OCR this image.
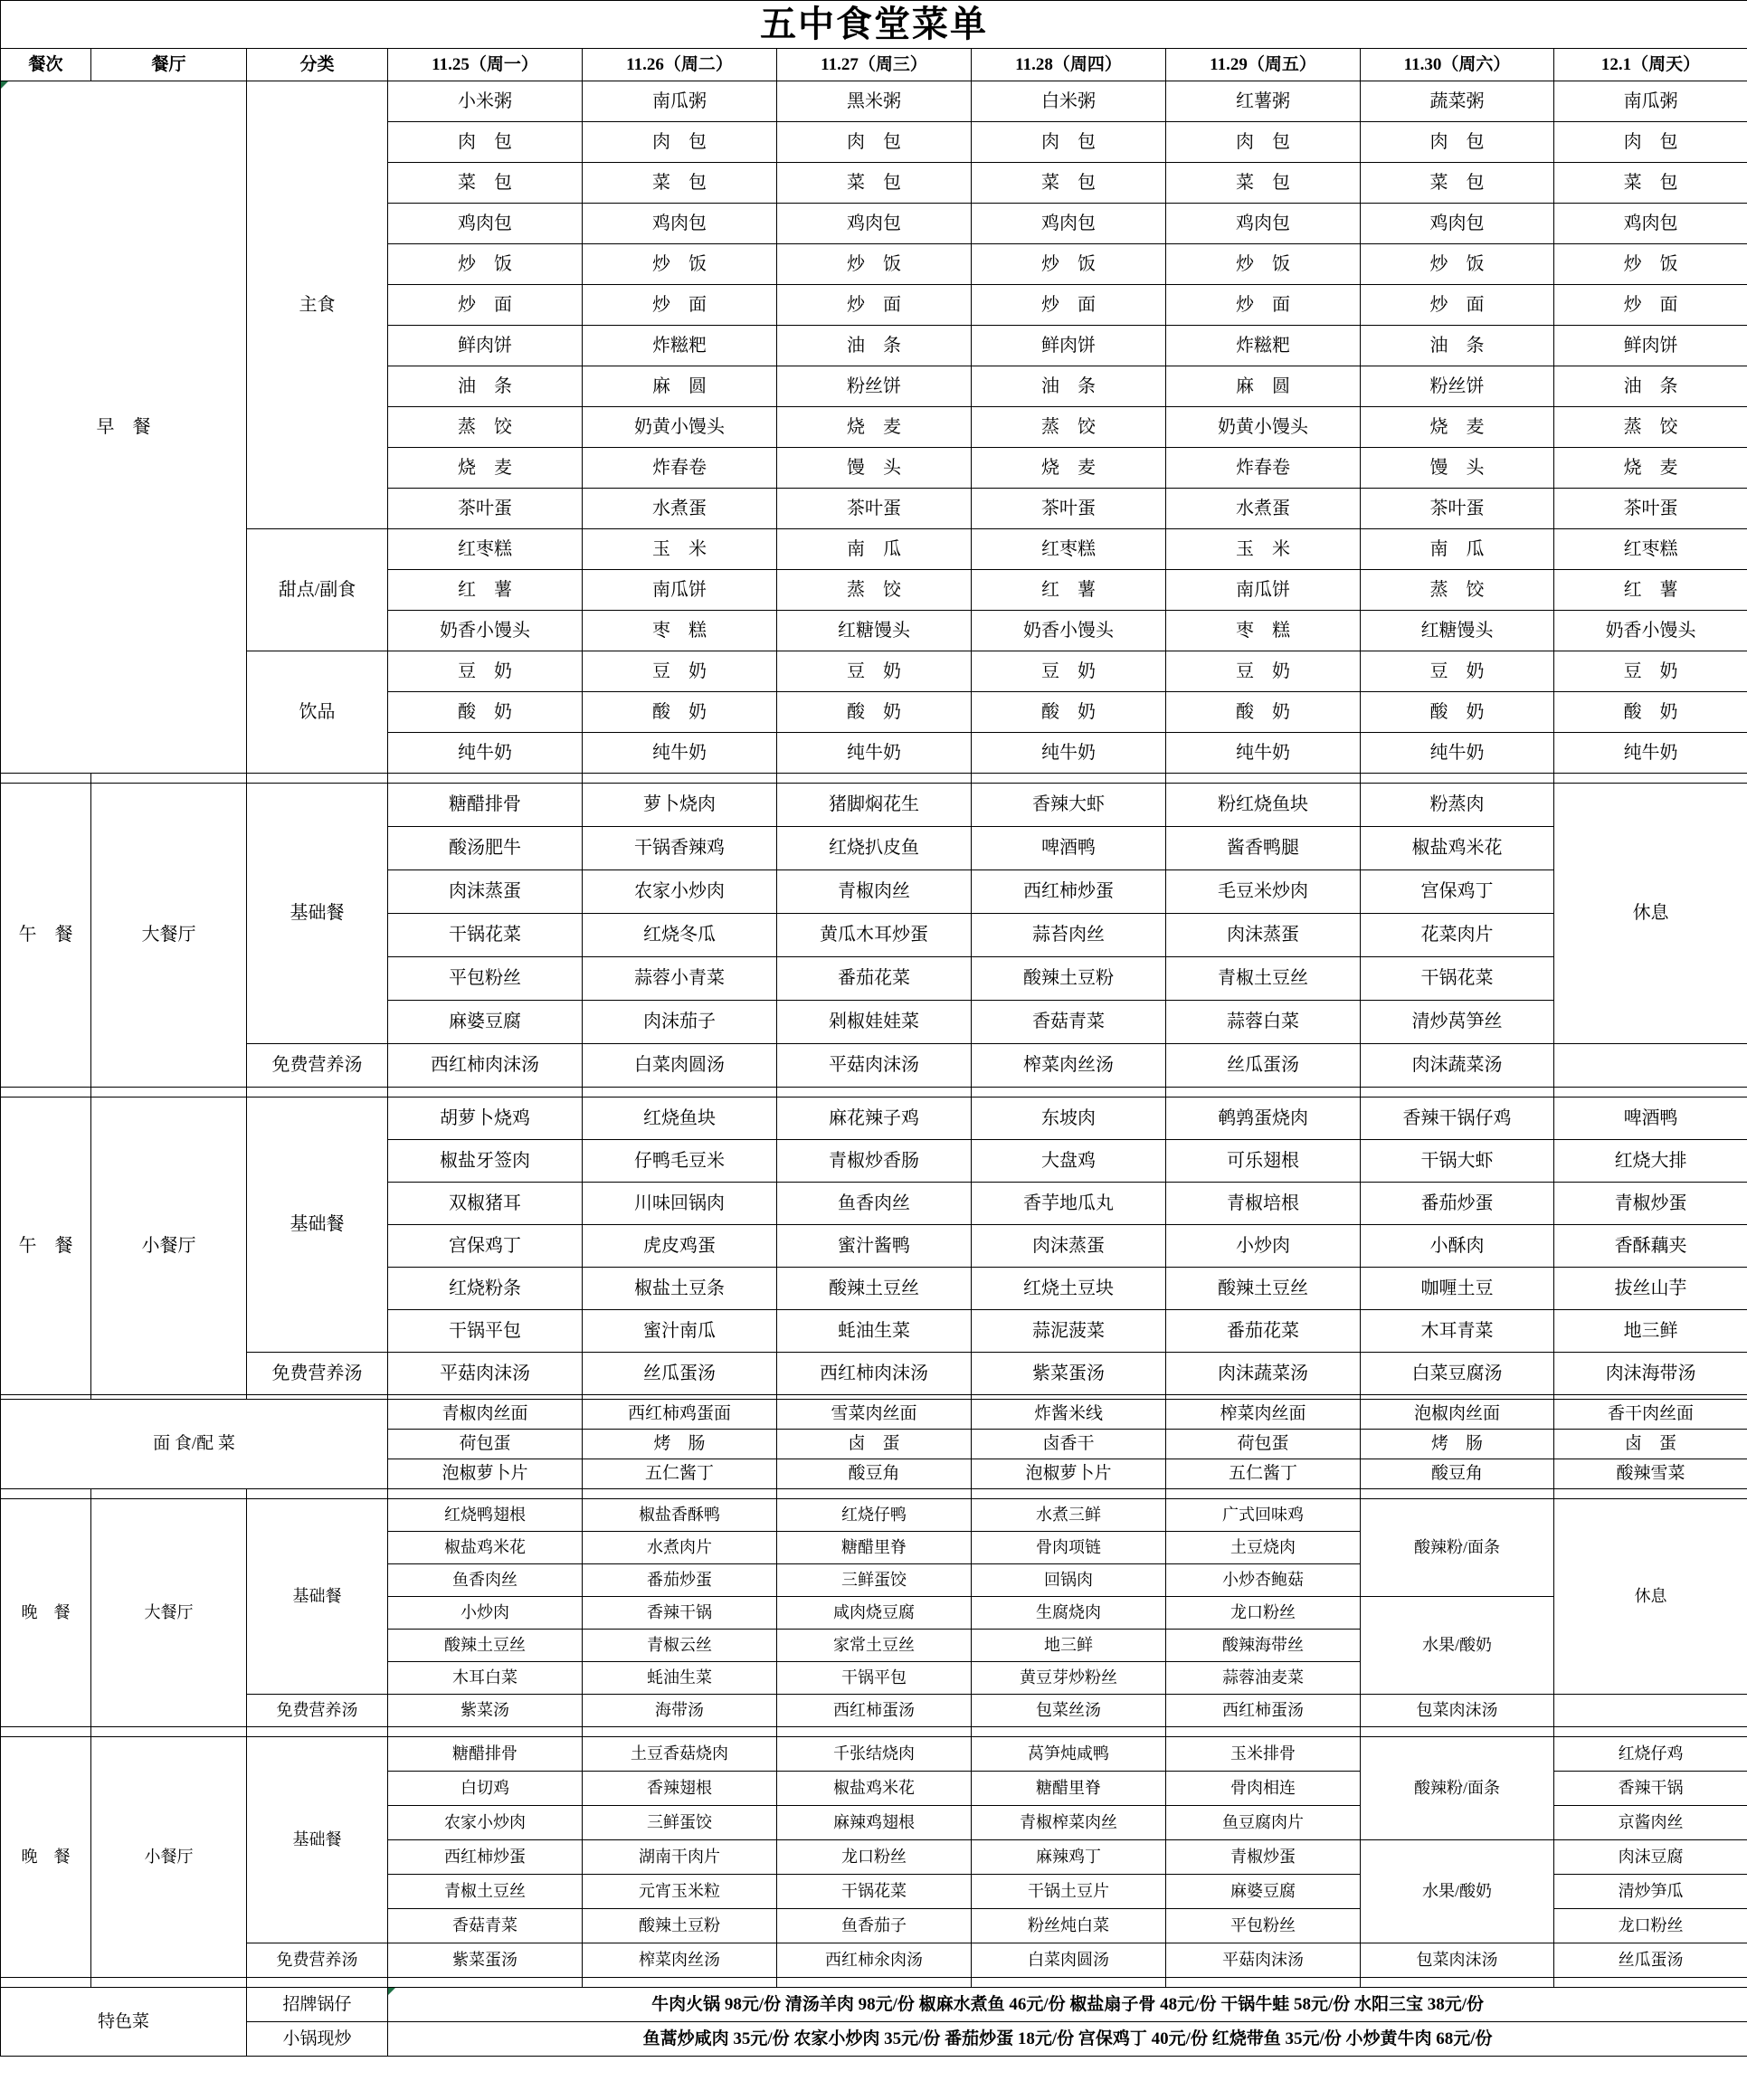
五中食堂菜单									
餐次	餐厅	分类	11.25（周一）	11.26（周二）	11.27（周三）	11.28（周四）	11.29（周五）	11.30（周六）	12.1（周天）
早　餐		主食	小米粥	南瓜粥	黑米粥	白米粥	红薯粥	蔬菜粥	南瓜粥
			肉　包	肉　包	肉　包	肉　包	肉　包	肉　包	肉　包
			菜　包	菜　包	菜　包	菜　包	菜　包	菜　包	菜　包
			鸡肉包	鸡肉包	鸡肉包	鸡肉包	鸡肉包	鸡肉包	鸡肉包
			炒　饭	炒　饭	炒　饭	炒　饭	炒　饭	炒　饭	炒　饭
			炒　面	炒　面	炒　面	炒　面	炒　面	炒　面	炒　面
			鲜肉饼	炸糍粑	油　条	鲜肉饼	炸糍粑	油　条	鲜肉饼
			油　条	麻　圆	粉丝饼	油　条	麻　圆	粉丝饼	油　条
			蒸　饺	奶黄小馒头	烧　麦	蒸　饺	奶黄小馒头	烧　麦	蒸　饺
			烧　麦	炸春卷	馒　头	烧　麦	炸春卷	馒　头	烧　麦
			茶叶蛋	水煮蛋	茶叶蛋	茶叶蛋	水煮蛋	茶叶蛋	茶叶蛋
		甜点/副食	红枣糕	玉　米	南　瓜	红枣糕	玉　米	南　瓜	红枣糕
			红　薯	南瓜饼	蒸　饺	红　薯	南瓜饼	蒸　饺	红　薯
			奶香小馒头	枣　糕	红糖馒头	奶香小馒头	枣　糕	红糖馒头	奶香小馒头
		饮品	豆　奶	豆　奶	豆　奶	豆　奶	豆　奶	豆　奶	豆　奶
			酸　奶	酸　奶	酸　奶	酸　奶	酸　奶	酸　奶	酸　奶
			纯牛奶	纯牛奶	纯牛奶	纯牛奶	纯牛奶	纯牛奶	纯牛奶

午　餐	大餐厅	基础餐	糖醋排骨	萝卜烧肉	猪脚焖花生	香辣大虾	粉红烧鱼块	粉蒸肉	休息
			酸汤肥牛	干锅香辣鸡	红烧扒皮鱼	啤酒鸭	酱香鸭腿	椒盐鸡米花	
			肉沫蒸蛋	农家小炒肉	青椒肉丝	西红柿炒蛋	毛豆米炒肉	宫保鸡丁	
			干锅花菜	红烧冬瓜	黄瓜木耳炒蛋	蒜苔肉丝	肉沫蒸蛋	花菜肉片	
			平包粉丝	蒜蓉小青菜	番茄花菜	酸辣土豆粉	青椒土豆丝	干锅花菜	
			麻婆豆腐	肉沫茄子	剁椒娃娃菜	香菇青菜	蒜蓉白菜	清炒莴笋丝	
		免费营养汤	西红柿肉沫汤	白菜肉圆汤	平菇肉沫汤	榨菜肉丝汤	丝瓜蛋汤	肉沫蔬菜汤	

午　餐	小餐厅	基础餐	胡萝卜烧鸡	红烧鱼块	麻花辣子鸡	东坡肉	鹌鹑蛋烧肉	香辣干锅仔鸡	啤酒鸭
			椒盐牙签肉	仔鸭毛豆米	青椒炒香肠	大盘鸡	可乐翅根	干锅大虾	红烧大排
			双椒猪耳	川味回锅肉	鱼香肉丝	香芋地瓜丸	青椒培根	番茄炒蛋	青椒炒蛋
			宫保鸡丁	虎皮鸡蛋	蜜汁酱鸭	肉沫蒸蛋	小炒肉	小酥肉	香酥藕夹
			红烧粉条	椒盐土豆条	酸辣土豆丝	红烧土豆块	酸辣土豆丝	咖喱土豆	拔丝山芋
			干锅平包	蜜汁南瓜	蚝油生菜	蒜泥菠菜	番茄花菜	木耳青菜	地三鲜
		免费营养汤	平菇肉沫汤	丝瓜蛋汤	西红柿肉沫汤	紫菜蛋汤	肉沫蔬菜汤	白菜豆腐汤	肉沫海带汤

面 食/配 菜			青椒肉丝面	西红柿鸡蛋面	雪菜肉丝面	炸酱米线	榨菜肉丝面	泡椒肉丝面	香干肉丝面
			荷包蛋	烤　肠	卤　蛋	卤香干	荷包蛋	烤　肠	卤　蛋
			泡椒萝卜片	五仁酱丁	酸豆角	泡椒萝卜片	五仁酱丁	酸豆角	酸辣雪菜

晚　餐	大餐厅	基础餐	红烧鸭翅根	椒盐香酥鸭	红烧仔鸭	水煮三鲜	广式回味鸡	酸辣粉/面条	休息
			椒盐鸡米花	水煮肉片	糖醋里脊	骨肉项链	土豆烧肉		
			鱼香肉丝	番茄炒蛋	三鲜蛋饺	回锅肉	小炒杏鲍菇		
			小炒肉	香辣干锅	咸肉烧豆腐	生腐烧肉	龙口粉丝	水果/酸奶	
			酸辣土豆丝	青椒云丝	家常土豆丝	地三鲜	酸辣海带丝		
			木耳白菜	蚝油生菜	干锅平包	黄豆芽炒粉丝	蒜蓉油麦菜		
		免费营养汤	紫菜汤	海带汤	西红柿蛋汤	包菜丝汤	西红柿蛋汤	包菜肉沫汤	

晚　餐	小餐厅	基础餐	糖醋排骨	土豆香菇烧肉	千张结烧肉	莴笋炖咸鸭	玉米排骨	酸辣粉/面条	红烧仔鸡
			白切鸡	香辣翅根	椒盐鸡米花	糖醋里脊	骨肉相连		香辣干锅
			农家小炒肉	三鲜蛋饺	麻辣鸡翅根	青椒榨菜肉丝	鱼豆腐肉片		京酱肉丝
			西红柿炒蛋	湖南干肉片	龙口粉丝	麻辣鸡丁	青椒炒蛋	水果/酸奶	肉沫豆腐
			青椒土豆丝	元宵玉米粒	干锅花菜	干锅土豆片	麻婆豆腐		清炒笋瓜
			香菇青菜	酸辣土豆粉	鱼香茄子	粉丝炖白菜	平包粉丝		龙口粉丝
		免费营养汤	紫菜蛋汤	榨菜肉丝汤	西红柿氽肉汤	白菜肉圆汤	平菇肉沫汤	包菜肉沫汤	丝瓜蛋汤

特色菜		招牌锅仔	牛肉火锅 98元/份 清汤羊肉 98元/份 椒麻水煮鱼 46元/份 椒盐扇子骨 48元/份 干锅牛蛙 58元/份 水阳三宝 38元/份						
		小锅现炒	鱼蒿炒咸肉 35元/份 农家小炒肉 35元/份 番茄炒蛋 18元/份 宫保鸡丁 40元/份 红烧带鱼 35元/份 小炒黄牛肉 68元/份						
